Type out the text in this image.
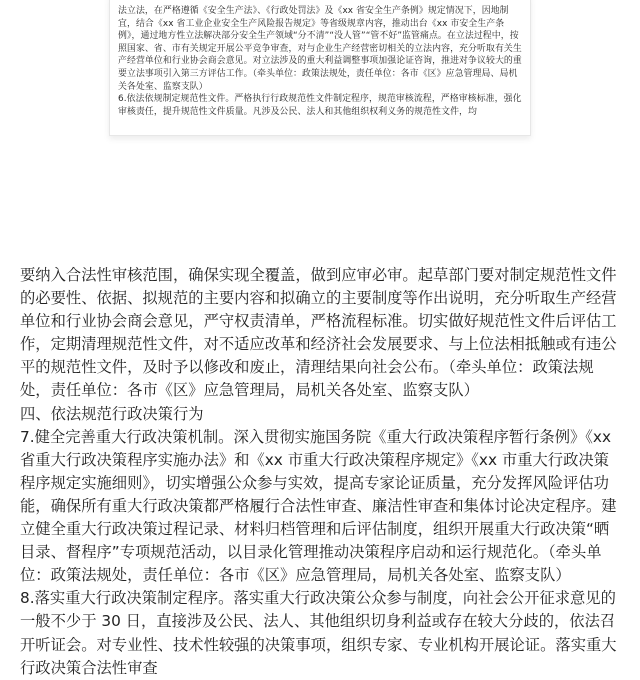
法立法，在严格遵循《安全生产法》、《行政处罚法》及《xx 省安全生产条例》规定情况下，因地制宜，结合《xx 省工业企业安全生产风险报告规定》等省级规章内容，推动出台《xx 市安全生产条例》，通过地方性立法解决部分安全生产领域“分不清”“没人管”“管不好”监管痛点。在立法过程中，按照国家、省、市有关规定开展公平竞争审查，对与企业生产经营密切相关的立法内容，充分听取有关生产经营单位和行业协会商会意见。对立法涉及的重大利益调整事项加强论证咨询，推进对争议较大的重要立法事项引入第三方评估工作。（牵头单位：政策法规处，责任单位：各市《区》应急管理局、局机关各处室、监察支队）

6.依法依规制定规范性文件。严格执行行政规范性文件制定程序，规范审核流程，严格审核标准，强化审核责任，提升规范性文件质量。凡涉及公民、法人和其他组织权利义务的规范性文件，均

要纳入合法性审核范围，确保实现全覆盖，做到应审必审。起草部门要对制定规范性文件的必要性、依据、拟规范的主要内容和拟确立的主要制度等作出说明，充分听取生产经营单位和行业协会商会意见，严守权责清单，严格流程标准。切实做好规范性文件后评估工作，定期清理规范性文件，对不适应改革和经济社会发展要求、与上位法相抵触或有违公平的规范性文件，及时予以修改和废止，清理结果向社会公布。（牵头单位：政策法规处，责任单位：各市《区》应急管理局，局机关各处室、监察支队）

四、依法规范行政决策行为

7.健全完善重大行政决策机制。深入贯彻实施国务院《重大行政决策程序暂行条例》《xx 省重大行政决策程序实施办法》和《xx 市重大行政决策程序规定》《xx 市重大行政决策程序规定实施细则》，切实增强公众参与实效，提高专家论证质量，充分发挥风险评估功能，确保所有重大行政决策都严格履行合法性审查、廉洁性审查和集体讨论决定程序。建立健全重大行政决策过程记录、材料归档管理和后评估制度，组织开展重大行政决策“晒目录、督程序”专项规范活动，以目录化管理推动决策程序启动和运行规范化。（牵头单位：政策法规处，责任单位：各市《区》应急管理局，局机关各处室、监察支队）

8.落实重大行政决策制定程序。落实重大行政决策公众参与制度，向社会公开征求意见的一般不少于 30 日，直接涉及公民、法人、其他组织切身利益或存在较大分歧的，依法召开听证会。对专业性、技术性较强的决策事项，组织专家、专业机构开展论证。落实重大行政决策合法性审查
